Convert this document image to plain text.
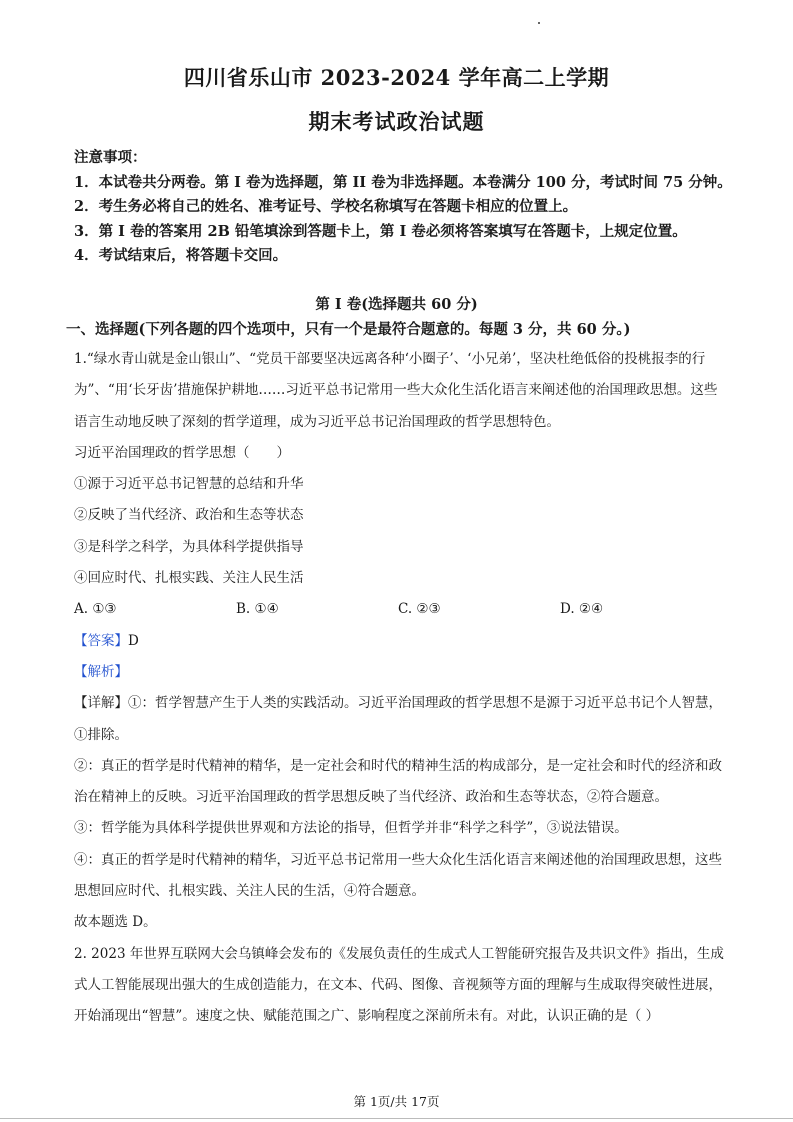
四川省乐山市 2023-2024 学年高二上学期
期末考试政治试题

注意事项：

1．本试卷共分两卷。第 I 卷为选择题，第 II 卷为非选择题。本卷满分 100 分，考试时间 75 分钟。

2．考生务必将自己的姓名、准考证号、学校名称填写在答题卡相应的位置上。

3．第 I 卷的答案用 2B 铅笔填涂到答题卡上，第 I 卷必须将答案填写在答题卡，上规定位置。

4．考试结束后，将答题卡交回。

第 I 卷(选择题共 60 分)
一、选择题(下列各题的四个选项中，只有一个是最符合题意的。每题 3 分，共 60 分。)

1.“绿水青山就是金山银山”、“党员干部要坚决远离各种‘小圈子’、‘小兄弟’，坚决杜绝低俗的投桃报李的行为”、“用‘长牙齿’措施保护耕地……习近平总书记常用一些大众化生活化语言来阐述他的治国理政思想。这些语言生动地反映了深刻的哲学道理，成为习近平总书记治国理政的哲学思想特色。

习近平治国理政的哲学思想（　　）

①源于习近平总书记智慧的总结和升华

②反映了当代经济、政治和生态等状态

③是科学之科学，为具体科学提供指导

④回应时代、扎根实践、关注人民生活

A. ①③	B. ①④	C. ②③	D. ②④

【答案】D

【解析】

【详解】①：哲学智慧产生于人类的实践活动。习近平治国理政的哲学思想不是源于习近平总书记个人智慧，①排除。

②：真正的哲学是时代精神的精华，是一定社会和时代的精神生活的构成部分，是一定社会和时代的经济和政治在精神上的反映。习近平治国理政的哲学思想反映了当代经济、政治和生态等状态，②符合题意。

③：哲学能为具体科学提供世界观和方法论的指导，但哲学并非“科学之科学”，③说法错误。

④：真正的哲学是时代精神的精华，习近平总书记常用一些大众化生活化语言来阐述他的治国理政思想，这些思想回应时代、扎根实践、关注人民的生活，④符合题意。

故本题选 D。

2. 2023 年世界互联网大会乌镇峰会发布的《发展负责任的生成式人工智能研究报告及共识文件》指出，生成式人工智能展现出强大的生成创造能力，在文本、代码、图像、音视频等方面的理解与生成取得突破性进展，开始涌现出“智慧”。速度之快、赋能范围之广、影响程度之深前所未有。对此，认识正确的是（ ）

第 1页/共 17页
